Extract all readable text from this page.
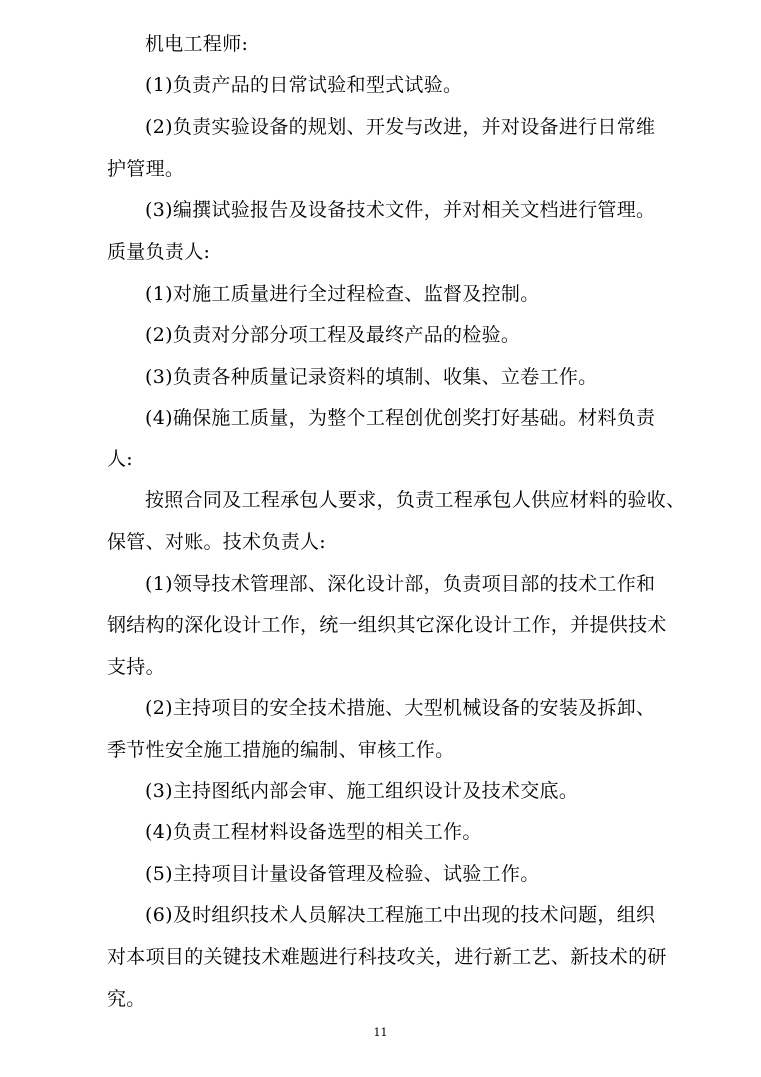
机电工程师:
(1)负责产品的日常试验和型式试验。
(2)负责实验设备的规划、开发与改进，并对设备进行日常维
护管理。
(3)编撰试验报告及设备技术文件，并对相关文档进行管理。
质量负责人:
(1)对施工质量进行全过程检查、监督及控制。
(2)负责对分部分项工程及最终产品的检验。
(3)负责各种质量记录资料的填制、收集、立卷工作。
(4)确保施工质量，为整个工程创优创奖打好基础。材料负责
人:
按照合同及工程承包人要求，负责工程承包人供应材料的验收、
保管、对账。技术负责人:
(1)领导技术管理部、深化设计部，负责项目部的技术工作和
钢结构的深化设计工作，统一组织其它深化设计工作，并提供技术
支持。
(2)主持项目的安全技术措施、大型机械设备的安装及拆卸、
季节性安全施工措施的编制、审核工作。
(3)主持图纸内部会审、施工组织设计及技术交底。
(4)负责工程材料设备选型的相关工作。
(5)主持项目计量设备管理及检验、试验工作。
(6)及时组织技术人员解决工程施工中出现的技术问题，组织
对本项目的关键技术难题进行科技攻关，进行新工艺、新技术的研
究。
11
